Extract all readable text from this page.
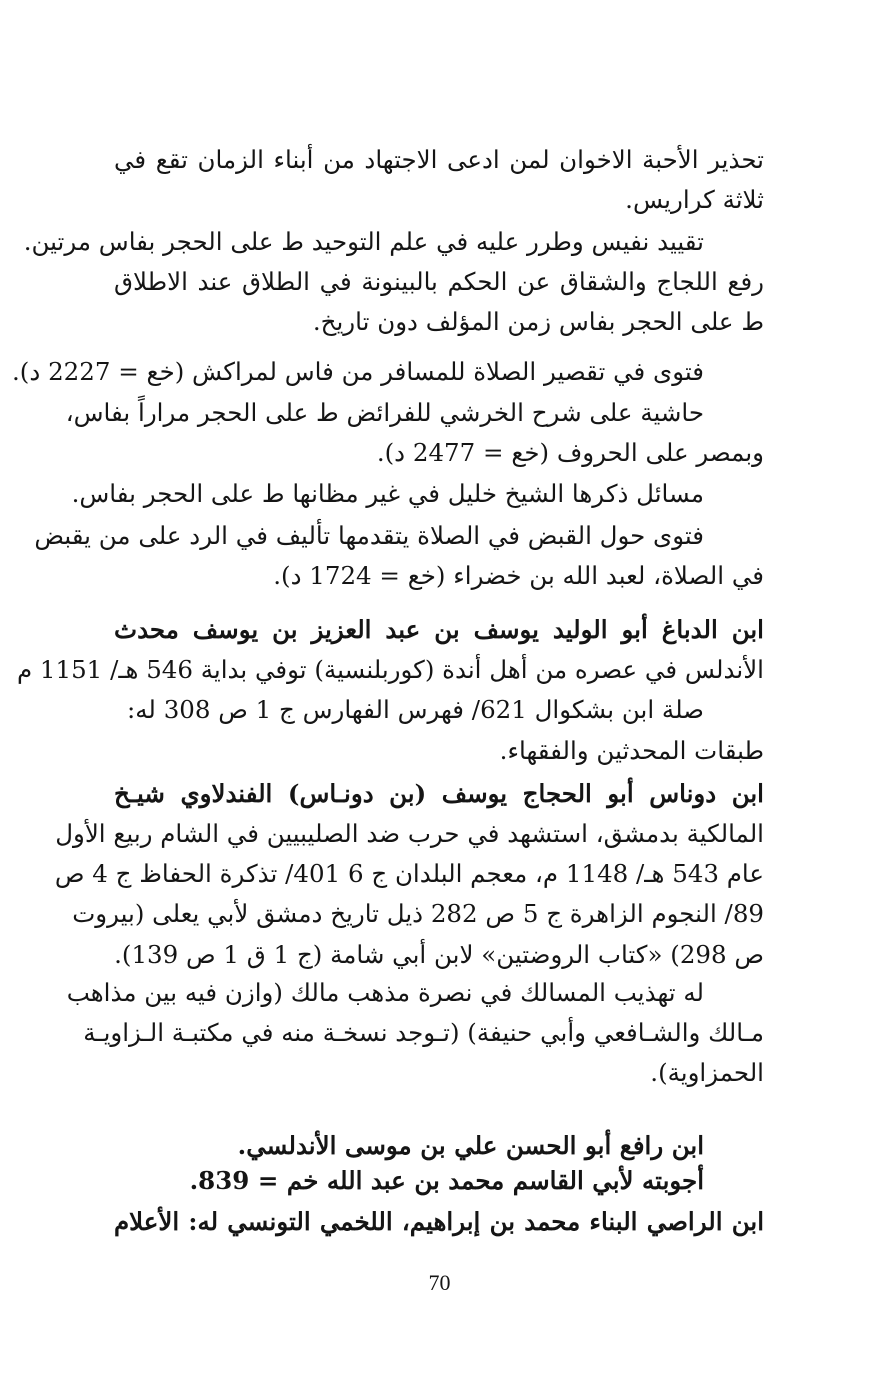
تحذير الأحبة الاخوان لمن ادعى الاجتهاد من أبناء الزمان تقع في
ثلاثة كراريس.
تقييد نفيس وطرر عليه في علم التوحيد ط على الحجر بفاس مرتين.
رفع اللجاج والشقاق عن الحكم بالبينونة في الطلاق عند الاطلاق
ط على الحجر بفاس زمن المؤلف دون تاريخ.
فتوى في تقصير الصلاة للمسافر من فاس لمراكش (خع = 2227 د).
حاشية على شرح الخرشي للفرائض ط على الحجر مراراً بفاس،
وبمصر على الحروف (خع = 2477 د).
مسائل ذكرها الشيخ خليل في غير مظانها ط على الحجر بفاس.
فتوى حول القبض في الصلاة يتقدمها تأليف في الرد على من يقبض
في الصلاة، لعبد الله بن خضراء (خع = 1724 د).
ابن الدباغ أبو الوليد يوسف بن عبد العزيز بن يوسف محدث
الأندلس في عصره من أهل أندة (كوربلنسية) توفي بداية 546 هـ/ 1151 م
صلة ابن بشكوال 621/ فهرس الفهارس ج 1 ص 308 له:
طبقات المحدثين والفقهاء.
ابن دوناس أبو الحجاج يوسف (بن دونـاس) الفندلاوي شيـخ
المالكية بدمشق، استشهد في حرب ضد الصليبيين في الشام ربيع الأول
عام 543 هـ/ 1148 م، معجم البلدان ج 6 401/ تذكرة الحفاظ ج 4 ص
89/ النجوم الزاهرة ج 5 ص 282 ذيل تاريخ دمشق لأبي يعلى (بيروت
ص 298) «كتاب الروضتين» لابن أبي شامة (ج 1 ق 1 ص 139).
له تهذيب المسالك في نصرة مذهب مالك (وازن فيه بين مذاهب
مـالك والشـافعي وأبي حنيفة) (تـوجد نسخـة منه في مكتبـة الـزاويـة
الحمزاوية).
ابن رافع أبو الحسن علي بن موسى الأندلسي.
أجوبته لأبي القاسم محمد بن عبد الله خم = 839.
ابن الراصي البناء محمد بن إبراهيم، اللخمي التونسي له: الأعلام
70
